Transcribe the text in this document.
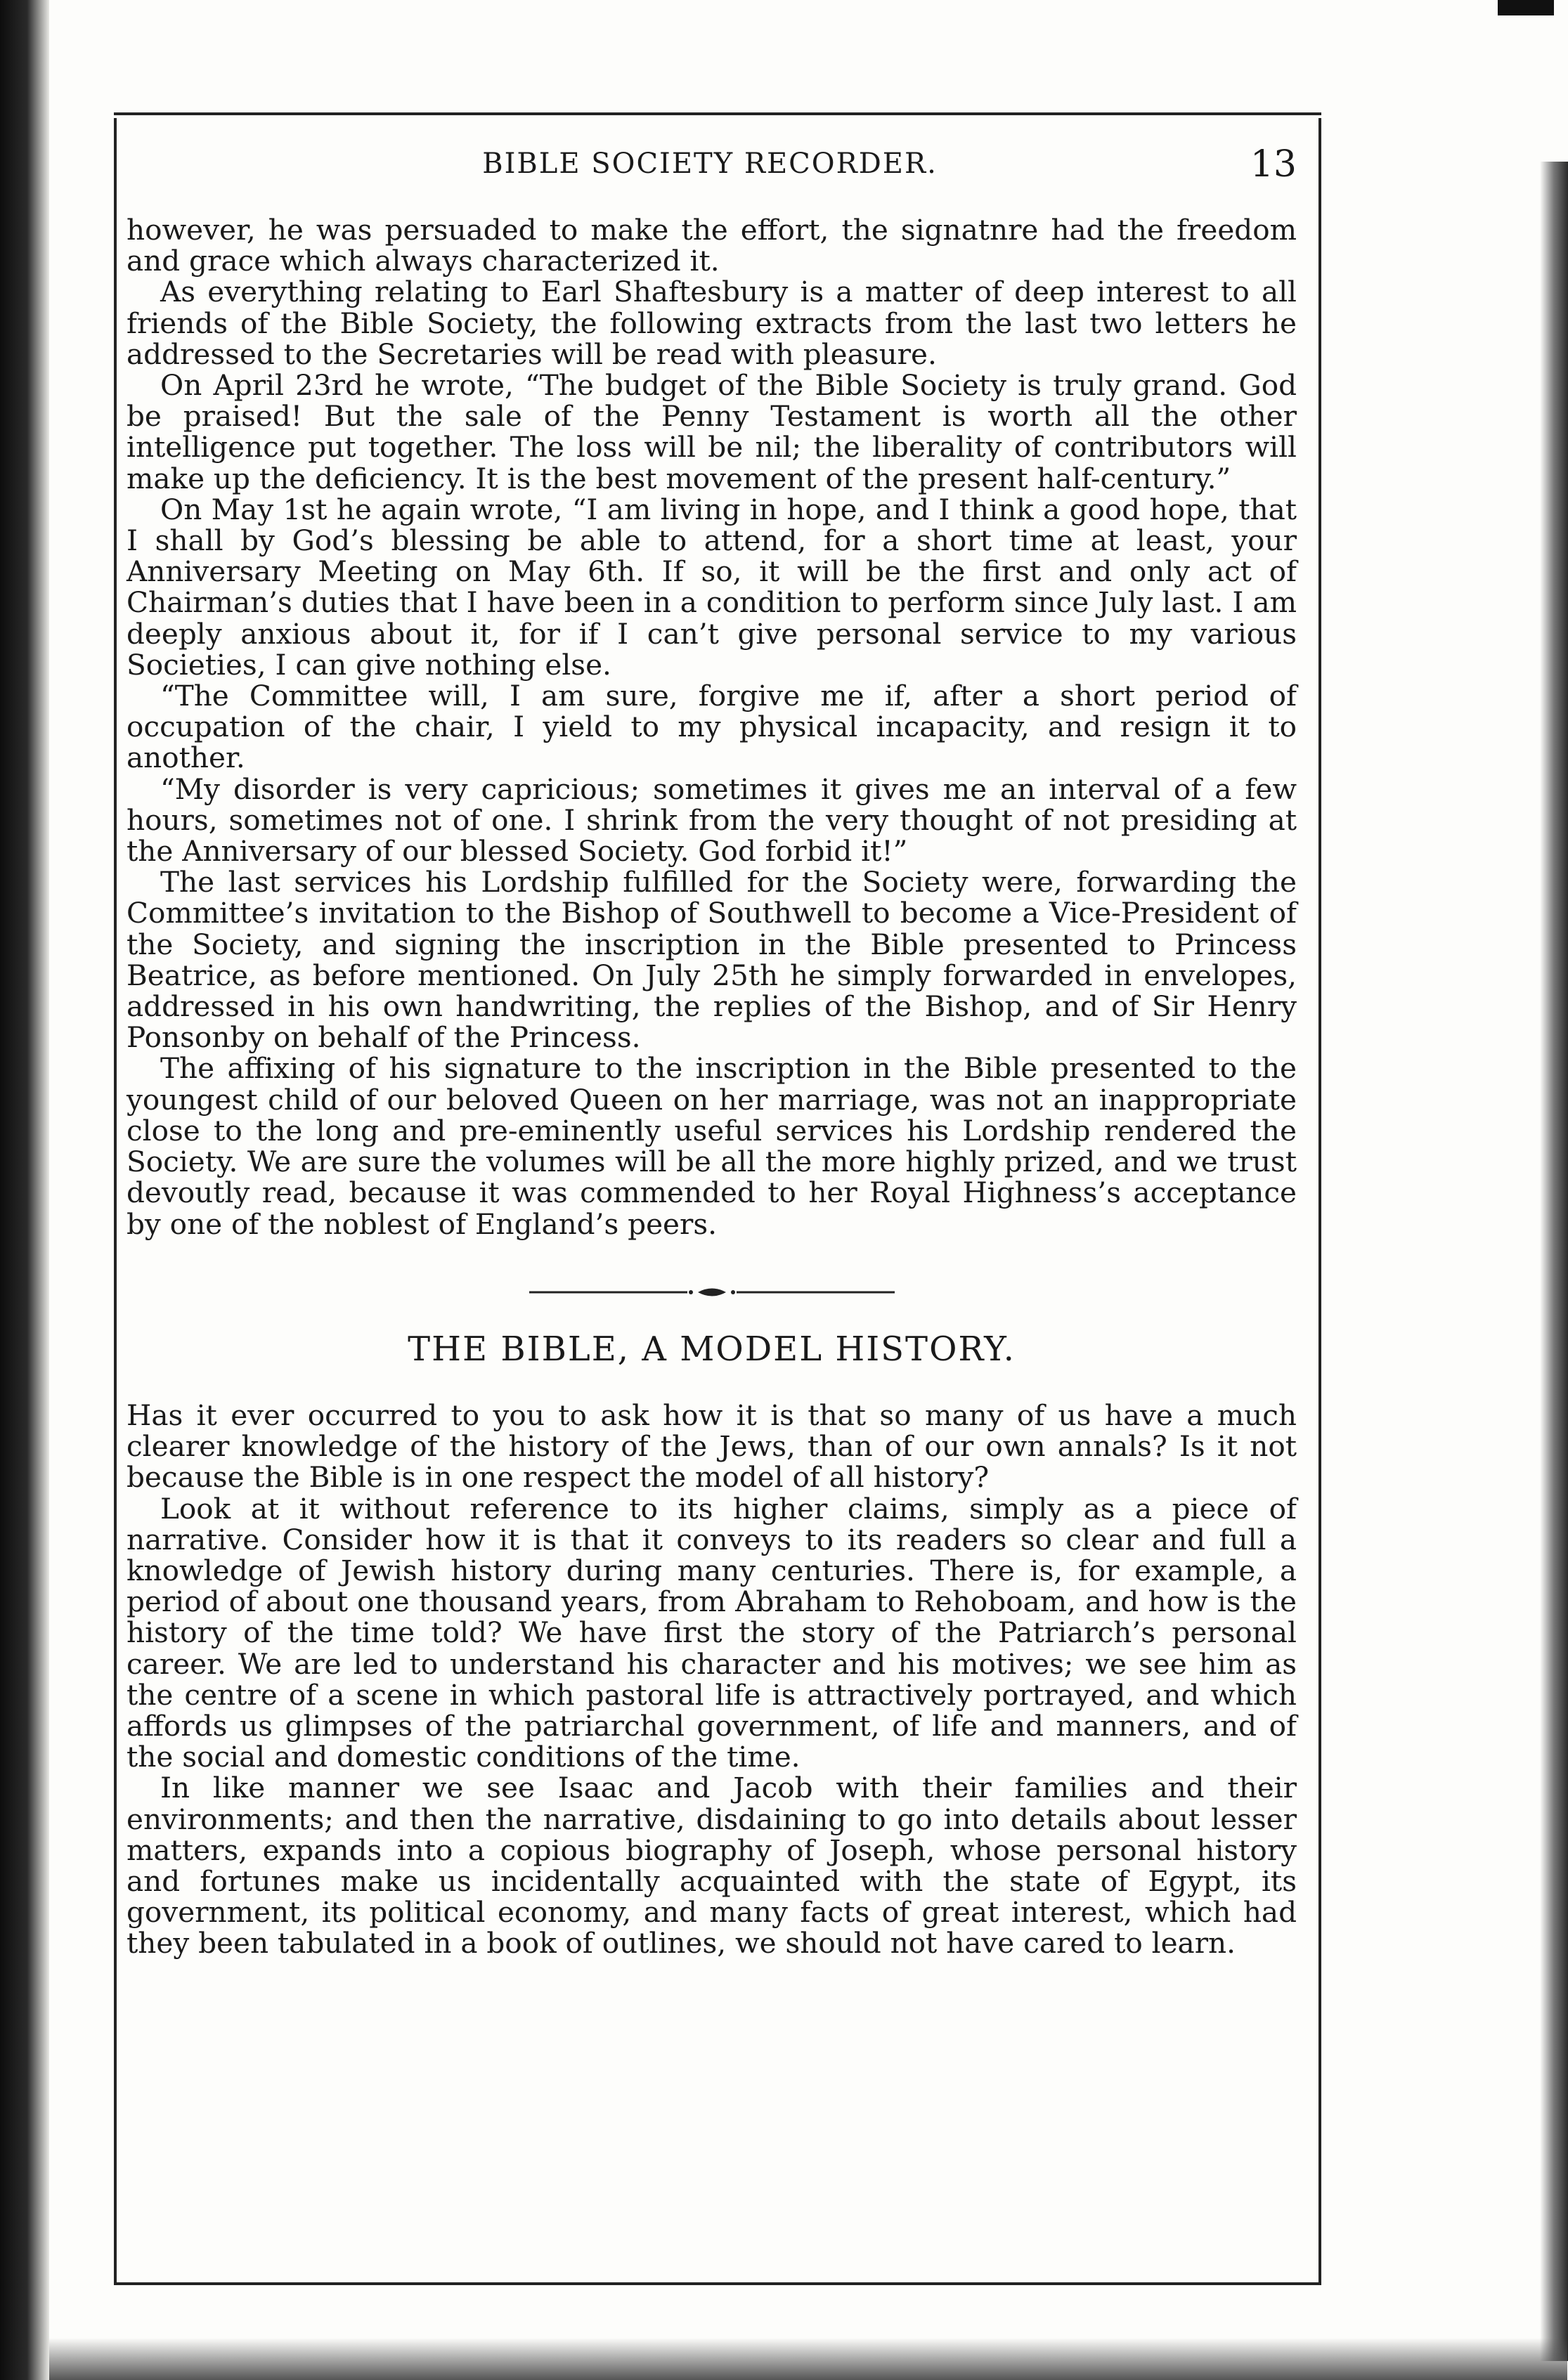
BIBLE SOCIETY RECORDER.	13

however, he was persuaded to make the effort, the signatnre had the freedom and grace which always characterized it.

As everything relating to Earl Shaftesbury is a matter of deep interest to all friends of the Bible Society, the following extracts from the last two letters he addressed to the Secretaries will be read with pleasure.

On April 23rd he wrote, “The budget of the Bible Society is truly grand. God be praised! But the sale of the Penny Testament is worth all the other intelligence put together. The loss will be nil; the liberality of contributors will make up the deficiency. It is the best movement of the present half-century.”

On May 1st he again wrote, “I am living in hope, and I think a good hope, that I shall by God’s blessing be able to attend, for a short time at least, your Anniversary Meeting on May 6th. If so, it will be the first and only act of Chairman’s duties that I have been in a condition to perform since July last. I am deeply anxious about it, for if I can’t give personal service to my various Societies, I can give nothing else.

“The Committee will, I am sure, forgive me if, after a short period of occupation of the chair, I yield to my physical incapacity, and resign it to another.

“My disorder is very capricious; sometimes it gives me an interval of a few hours, sometimes not of one. I shrink from the very thought of not presiding at the Anniversary of our blessed Society. God forbid it!”

The last services his Lordship fulfilled for the Society were, forwarding the Committee’s invitation to the Bishop of Southwell to become a Vice-President of the Society, and signing the inscription in the Bible presented to Princess Beatrice, as before mentioned. On July 25th he simply forwarded in envelopes, addressed in his own handwriting, the replies of the Bishop, and of Sir Henry Ponsonby on behalf of the Princess.

The affixing of his signature to the inscription in the Bible presented to the youngest child of our beloved Queen on her marriage, was not an inappropriate close to the long and pre-eminently useful services his Lordship rendered the Society. We are sure the volumes will be all the more highly prized, and we trust devoutly read, because it was commended to her Royal Highness’s acceptance by one of the noblest of England’s peers.

THE BIBLE, A MODEL HISTORY.

Has it ever occurred to you to ask how it is that so many of us have a much clearer knowledge of the history of the Jews, than of our own annals? Is it not because the Bible is in one respect the model of all history?

Look at it without reference to its higher claims, simply as a piece of narrative. Consider how it is that it conveys to its readers so clear and full a knowledge of Jewish history during many centuries. There is, for example, a period of about one thousand years, from Abraham to Rehoboam, and how is the history of the time told? We have first the story of the Patriarch’s personal career. We are led to understand his character and his motives; we see him as the centre of a scene in which pastoral life is attractively portrayed, and which affords us glimpses of the patriarchal government, of life and manners, and of the social and domestic conditions of the time.

In like manner we see Isaac and Jacob with their families and their environments; and then the narrative, disdaining to go into details about lesser matters, expands into a copious biography of Joseph, whose personal history and fortunes make us incidentally acquainted with the state of Egypt, its government, its political economy, and many facts of great interest, which had they been tabulated in a book of outlines, we should not have cared to learn.
